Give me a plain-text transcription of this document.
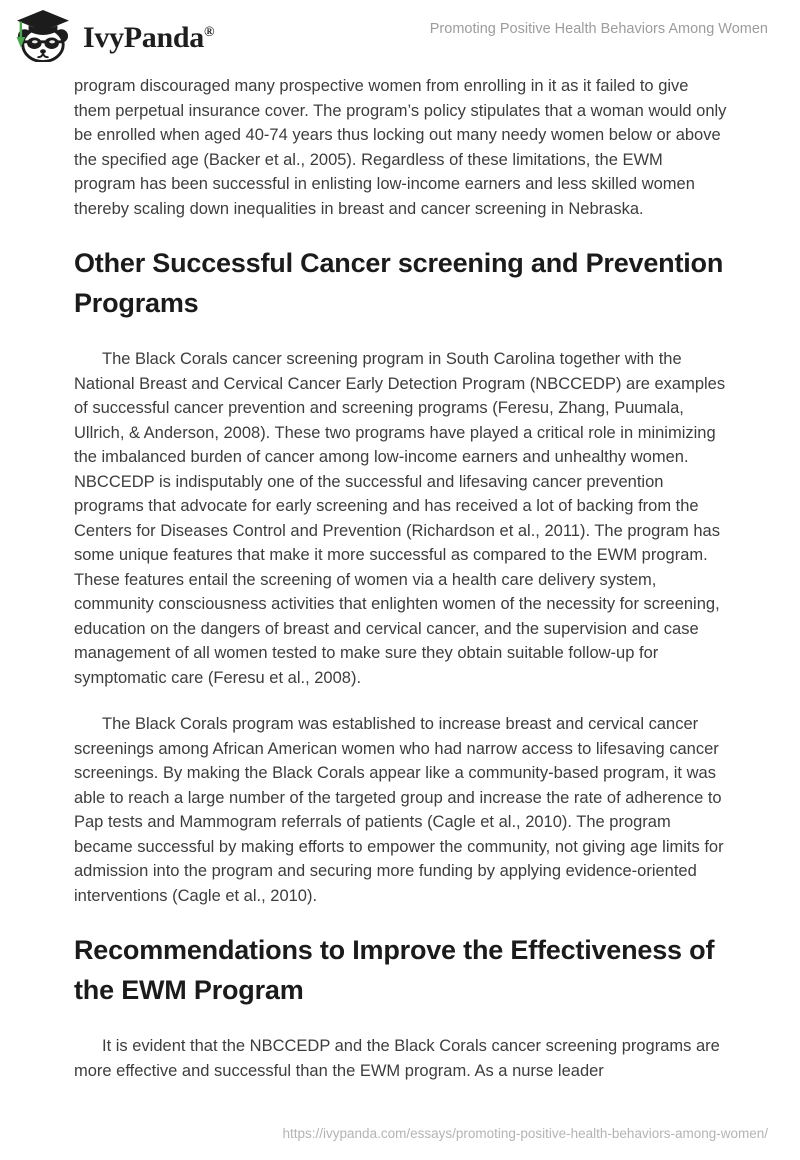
IvyPanda®	Promoting Positive Health Behaviors Among Women

program discouraged many prospective women from enrolling in it as it failed to give them perpetual insurance cover. The program’s policy stipulates that a woman would only be enrolled when aged 40-74 years thus locking out many needy women below or above the specified age (Backer et al., 2005). Regardless of these limitations, the EWM program has been successful in enlisting low-income earners and less skilled women thereby scaling down inequalities in breast and cancer screening in Nebraska.

Other Successful Cancer screening and Prevention Programs

The Black Corals cancer screening program in South Carolina together with the National Breast and Cervical Cancer Early Detection Program (NBCCEDP) are examples of successful cancer prevention and screening programs (Feresu, Zhang, Puumala, Ullrich, & Anderson, 2008). These two programs have played a critical role in minimizing the imbalanced burden of cancer among low-income earners and unhealthy women. NBCCEDP is indisputably one of the successful and lifesaving cancer prevention programs that advocate for early screening and has received a lot of backing from the Centers for Diseases Control and Prevention (Richardson et al., 2011). The program has some unique features that make it more successful as compared to the EWM program. These features entail the screening of women via a health care delivery system, community consciousness activities that enlighten women of the necessity for screening, education on the dangers of breast and cervical cancer, and the supervision and case management of all women tested to make sure they obtain suitable follow-up for symptomatic care (Feresu et al., 2008).

The Black Corals program was established to increase breast and cervical cancer screenings among African American women who had narrow access to lifesaving cancer screenings. By making the Black Corals appear like a community-based program, it was able to reach a large number of the targeted group and increase the rate of adherence to Pap tests and Mammogram referrals of patients (Cagle et al., 2010). The program became successful by making efforts to empower the community, not giving age limits for admission into the program and securing more funding by applying evidence-oriented interventions (Cagle et al., 2010).

Recommendations to Improve the Effectiveness of the EWM Program

It is evident that the NBCCEDP and the Black Corals cancer screening programs are more effective and successful than the EWM program. As a nurse leader

https://ivypanda.com/essays/promoting-positive-health-behaviors-among-women/
